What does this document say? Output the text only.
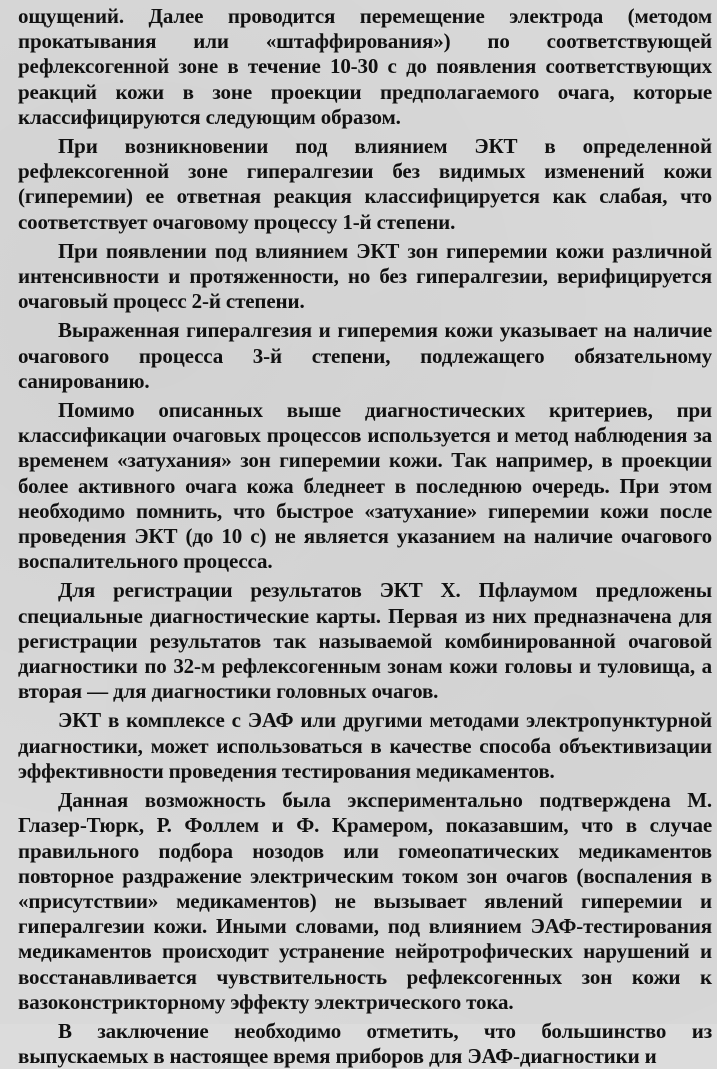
ощущений. Далее проводится перемещение электрода (методом прокатывания или «штаффирования») по соответствующей рефлексогенной зоне в течение 10-30 с до появления соответствующих реакций кожи в зоне проекции предполагаемого очага, которые классифицируются следующим образом.

При возникновении под влиянием ЭКТ в определенной рефлексогенной зоне гипералгезии без видимых изменений кожи (гиперемии) ее ответная реакция классифицируется как слабая, что соответствует очаговому процессу 1-й степени.

При появлении под влиянием ЭКТ зон гиперемии кожи различной интенсивности и протяженности, но без гипералгезии, верифицируется очаговый процесс 2-й степени.

Выраженная гипералгезия и гиперемия кожи указывает на наличие очагового процесса 3-й степени, подлежащего обязательному санированию.

Помимо описанных выше диагностических критериев, при классификации очаговых процессов используется и метод наблюдения за временем «затухания» зон гиперемии кожи. Так например, в проекции более активного очага кожа бледнеет в последнюю очередь. При этом необходимо помнить, что быстрое «затухание» гиперемии кожи после проведения ЭКТ (до 10 с) не является указанием на наличие очагового воспалительного процесса.

Для регистрации результатов ЭКТ Х. Пфлаумом предложены специальные диагностические карты. Первая из них предназначена для регистрации результатов так называемой комбинированной очаговой диагностики по 32-м рефлексогенным зонам кожи головы и туловища, а вторая — для диагностики головных очагов.

ЭКТ в комплексе с ЭАФ или другими методами электропунктурной диагностики, может использоваться в качестве способа объективизации эффективности проведения тестирования медикаментов.

Данная возможность была экспериментально подтверждена М. Глазер-Тюрк, Р. Фоллем и Ф. Крамером, показавшим, что в случае правильного подбора нозодов или гомеопатических медикаментов повторное раздражение электрическим током зон очагов (воспаления в «присутствии» медикаментов) не вызывает явлений гиперемии и гипералгезии кожи. Иными словами, под влиянием ЭАФ-тестирования медикаментов происходит устранение нейротрофических нарушений и восстанавливается чувствительность рефлексогенных зон кожи к вазоконстрикторному эффекту электрического тока.

В заключение необходимо отметить, что большинство из выпускаемых в настоящее время приборов для ЭАФ-диагностики и
